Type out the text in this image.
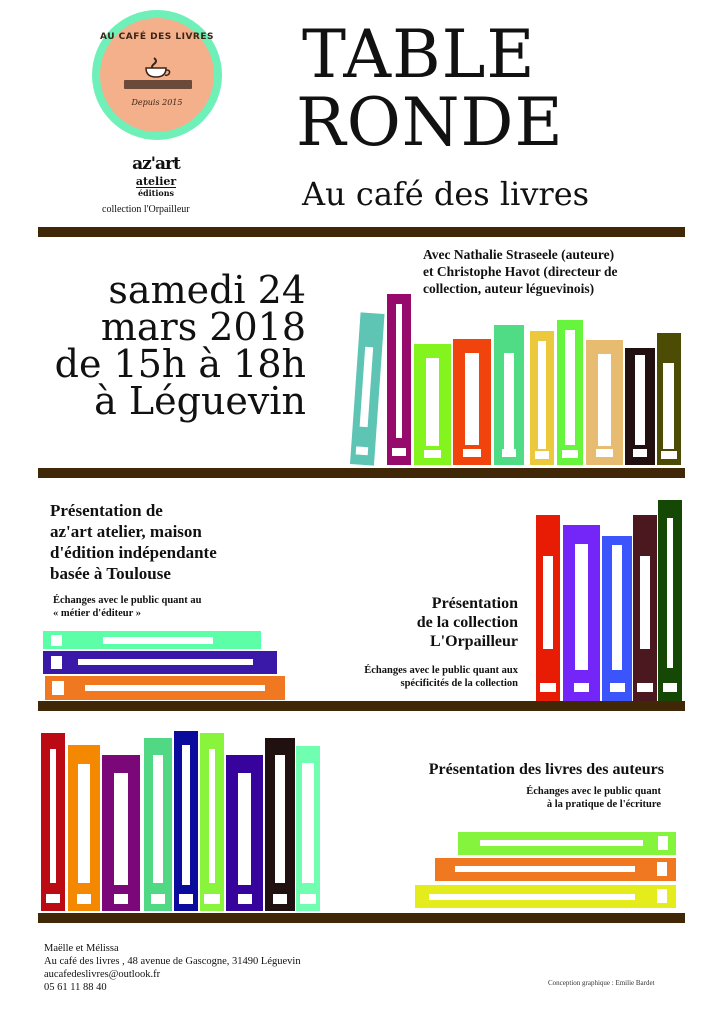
AU CAFÉ DES LIVRES
Depuis 2015
az'art
atelier
éditions
collection l'Orpailleur
TABLE
RONDE
Au café des livres
Avec Nathalie Straseele (auteure)
et Christophe Havot (directeur de
collection, auteur léguevinois)
samedi 24
mars 2018
de 15h à 18h
à Léguevin
Présentation de
az'art atelier, maison
d'édition indépendante
basée à Toulouse
Échanges avec le public quant au
« métier d'éditeur »
Présentation
de la collection
L'Orpailleur
Échanges avec le public quant aux
spécificités de la collection
Présentation des livres des auteurs
Échanges avec le public quant
à la pratique de l'écriture
Maëlle et Mélissa
Au café des livres , 48 avenue de Gascogne, 31490 Léguevin
aucafedeslivres@outlook.fr
05 61 11 88 40	Conception graphique : Emilie Bardet
